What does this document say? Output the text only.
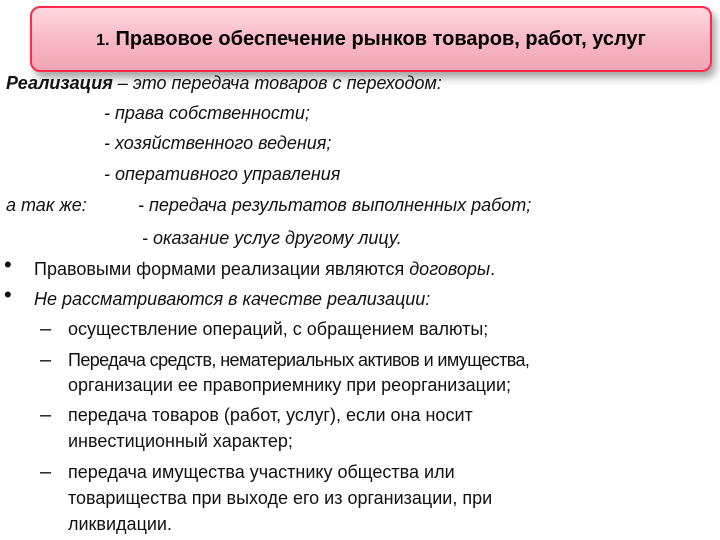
1. Правовое обеспечение рынков товаров, работ, услуг
Реализация – это передача товаров с переходом:
- права собственности;
- хозяйственного ведения;
- оперативного управления
а так же:	- передача результатов выполненных работ;
- оказание услуг другому лицу.
• Правовыми формами реализации являются договоры.
• Не рассматриваются в качестве реализации:
– осуществление операций, с обращением валюты;
– Передача средств, нематериальных активов и имущества,
организации ее правоприемнику при реорганизации;
– передача товаров (работ, услуг), если она носит
инвестиционный характер;
– передача имущества участнику общества или
товарищества при выходе его из организации, при
ликвидации.
